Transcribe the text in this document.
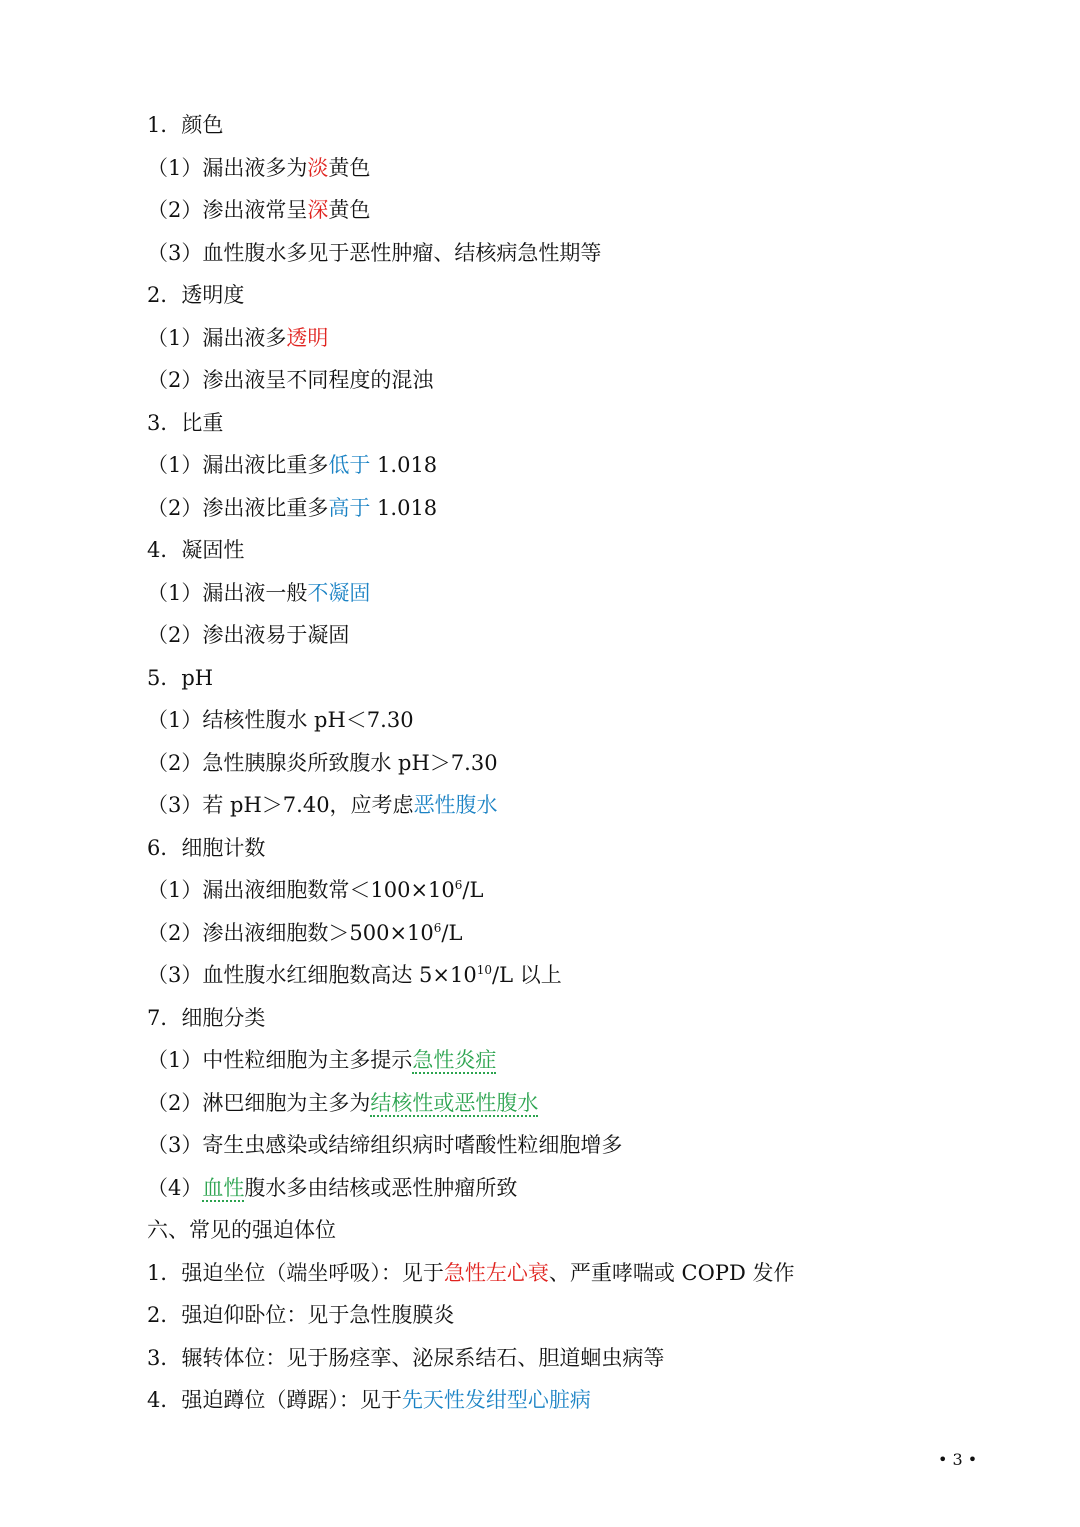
1．颜色
（1）漏出液多为淡黄色
（2）渗出液常呈深黄色
（3）血性腹水多见于恶性肿瘤、结核病急性期等
2．透明度
（1）漏出液多透明
（2）渗出液呈不同程度的混浊
3．比重
（1）漏出液比重多低于 1.018
（2）渗出液比重多高于 1.018
4．凝固性
（1）漏出液一般不凝固
（2）渗出液易于凝固
5．pH
（1）结核性腹水 pH＜7.30
（2）急性胰腺炎所致腹水 pH＞7.30
（3）若 pH＞7.40，应考虑恶性腹水
6．细胞计数
（1）漏出液细胞数常$<100\times 10^6/L$
（2）渗出液细胞数$>500\times 10^6/L$
（3）血性腹水红细胞数高达 $5\times 10^{10}/L$ 以上
7．细胞分类
（1）中性粒细胞为主多提示急性炎症
（2）淋巴细胞为主多为结核性或恶性腹水
（3）寄生虫感染或结缔组织病时嗜酸性粒细胞增多
（4）血性腹水多由结核或恶性肿瘤所致
六、常见的强迫体位
1．强迫坐位（端坐呼吸）：见于急性左心衰、严重哮喘或 COPD 发作
2．强迫仰卧位：见于急性腹膜炎
3．辗转体位：见于肠痉挛、泌尿系结石、胆道蛔虫病等
4．强迫蹲位（蹲踞）：见于先天性发绀型心脏病
• 3 •
